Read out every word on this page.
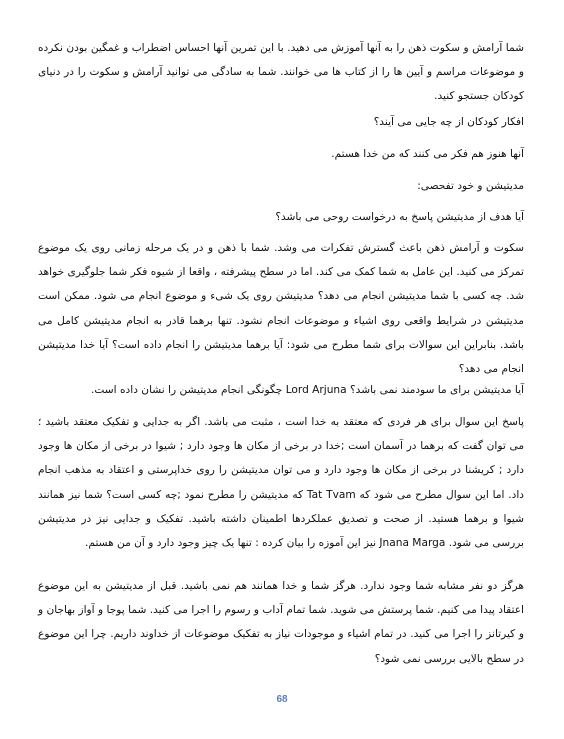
شما آرامش و سکوت ذهن را به آنها آموزش می دهید. با این تمرین آنها احساس اضطراب و غمگین بودن نکرده و موضوعات مراسم و آیین ها را از کتاب ها می خوانند. شما به سادگی می توانید آرامش و سکوت را در دنیای کودکان جستجو کنید.

افکار کودکان از چه جایی می آیند؟

آنها هنوز هم فکر می کنند که من خدا هستم.

مدیتیشن و خود تفحصی:

آیا هدف از مدیتیشن پاسخ به درخواست روحی می باشد؟

سکوت و آرامش ذهن باعث گسترش تفکرات می وشد. شما با ذهن و در یک مرحله زمانی روی یک موضوع تمرکز می کنید. این عامل به شما کمک می کند. اما در سطح پیشرفته ، واقعا از شیوه فکر شما جلوگیری خواهد شد. چه کسی با شما مدیتیشن انجام می دهد؟ مدیتیشن روی یک شیء و موضوع انجام می شود. ممکن است مدیتیشن در شرایط واقعی روی اشیاء و موضوعات انجام نشود. تنها برهما قادر به انجام مدیتیشن کامل می باشد. بنابراین این سوالات برای شما مطرح می شود: آیا برهما مدیتیشن را انجام داده است؟ آیا خدا مدیتیشن انجام می دهد؟

آیا مدیتیشن برای ما سودمند نمی باشد؟ Lord Arjuna چگونگی انجام مدیتیشن را نشان داده است.

پاسخ این سوال برای هر فردی که معتقد به خدا است ، مثبت می باشد. اگر به جدایی و تفکیک معتقد باشید ؛ می توان گفت که برهما در آسمان است ;خدا در برخی از مکان ها وجود دارد ; شیوا در برخی از مکان ها وجود دارد ; کریشنا در برخی از مکان ها وجود دارد و می توان مدیتیشن را روی خداپرستی و اعتقاد به مذهب انجام داد. اما این سوال مطرح می شود که Tat Tvam که مدیتیشن را مطرح نمود ;چه کسی است؟ شما نیز همانند شیوا و برهما هستید. از صحت و تصدیق عملکردها اطمینان داشته باشید. تفکیک و جدایی نیز در مدیتیشن بررسی می شود. Jnana Marga نیز این آموزه را بیان کرده : تنها یک چیز وجود دارد و آن من هستم.

هرگز دو نفر مشابه شما وجود ندارد. هرگز شما و خدا همانند هم نمی باشید. قبل از مدیتیشن به این موضوع اعتقاد پیدا می کنیم. شما پرستش می شوید. شما تمام آداب و رسوم را اجرا می کنید. شما پوجا و آواز بهاجان و و کیرتانز را اجرا می کنید. در تمام اشیاء و موجودات نیاز به تفکیک موضوعات از خداوند داریم. چرا این موضوع در سطح بالایی بررسی نمی شود؟

68
